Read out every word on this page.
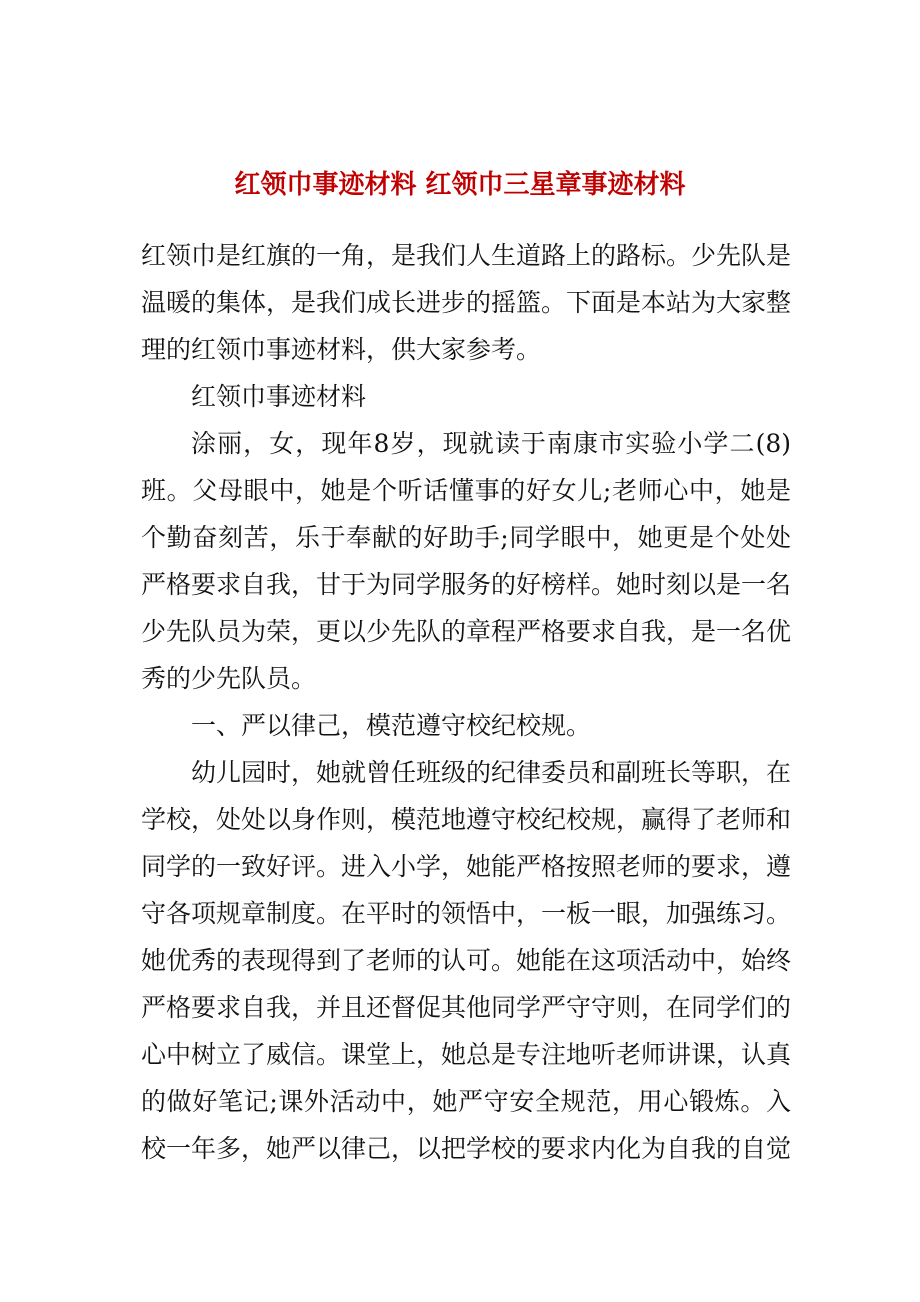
红领巾事迹材料 红领巾三星章事迹材料

红领巾是红旗的一角，是我们人生道路上的路标。少先队是温暖的集体，是我们成长进步的摇篮。下面是本站为大家整理的红领巾事迹材料，供大家参考。

红领巾事迹材料

涂丽，女，现年8岁，现就读于南康市实验小学二(8)班。父母眼中，她是个听话懂事的好女儿;老师心中，她是个勤奋刻苦，乐于奉献的好助手;同学眼中，她更是个处处严格要求自我，甘于为同学服务的好榜样。她时刻以是一名少先队员为荣，更以少先队的章程严格要求自我，是一名优秀的少先队员。

一、严以律己，模范遵守校纪校规。

幼儿园时，她就曾任班级的纪律委员和副班长等职，在学校，处处以身作则，模范地遵守校纪校规，赢得了老师和同学的一致好评。进入小学，她能严格按照老师的要求，遵守各项规章制度。在平时的领悟中，一板一眼，加强练习。她优秀的表现得到了老师的认可。她能在这项活动中，始终严格要求自我，并且还督促其他同学严守守则，在同学们的心中树立了威信。课堂上，她总是专注地听老师讲课，认真的做好笔记;课外活动中，她严守安全规范，用心锻炼。入校一年多，她严以律己，以把学校的要求内化为自我的自觉
